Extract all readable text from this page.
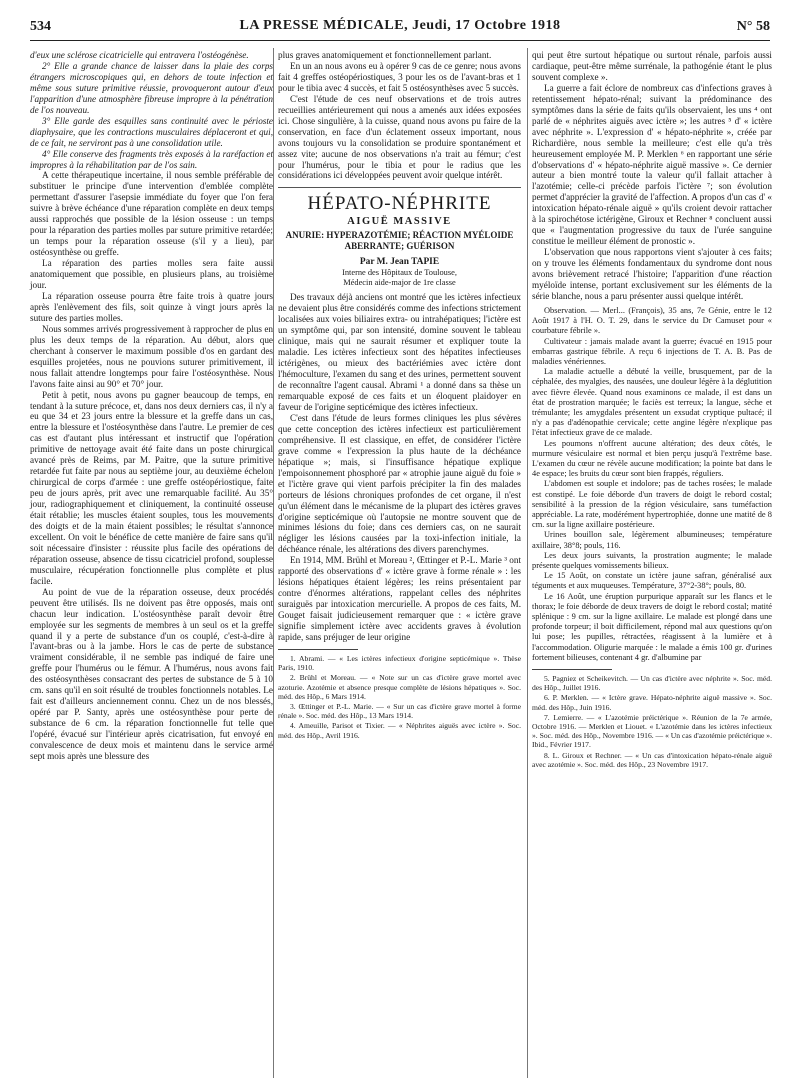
534	LA PRESSE MÉDICALE, Jeudi, 17 Octobre 1918	N° 58

d'eux une sclérose cicatricielle qui entravera l'ostéogénèse.

2° Elle a grande chance de laisser dans la plaie des corps étrangers microscopiques qui, en dehors de toute infection et même sous suture primitive réussie, provoqueront autour d'eux l'apparition d'une atmosphère fibreuse impropre à la pénétration de l'os nouveau.

3° Elle garde des esquilles sans continuité avec le périoste diaphysaire, que les contractions musculaires déplaceront et qui, de ce fait, ne serviront pas à une consolidation utile.

4° Elle conserve des fragments très exposés à la raréfaction et impropres à la réhabilitation par de l'os sain.

A cette thérapeutique incertaine, il nous semble préférable de substituer le principe d'une intervention d'emblée complète permettant d'assurer l'asepsie immédiate du foyer que l'on fera suivre à brève échéance d'une réparation complète en deux temps aussi rapprochés que possible de la lésion osseuse : un temps pour la réparation des parties molles par suture primitive retardée; un temps pour la réparation osseuse (s'il y a lieu), par ostéosynthèse ou greffe.

La réparation des parties molles sera faite aussi anatomiquement que possible, en plusieurs plans, au troisième jour.

La réparation osseuse pourra être faite trois à quatre jours après l'enlèvement des fils, soit quinze à vingt jours après la suture des parties molles.

Nous sommes arrivés progressivement à rapprocher de plus en plus les deux temps de la réparation. Au début, alors que cherchant à conserver le maximum possible d'os en gardant des esquilles projetées, nous ne pouvions suturer primitivement, il nous fallait attendre longtemps pour faire l'ostéosynthèse. Nous l'avons faite ainsi au 90° et 70° jour.

Petit à petit, nous avons pu gagner beaucoup de temps, en tendant à la suture précoce, et, dans nos deux derniers cas, il n'y a eu que 34 et 23 jours entre la blessure et la greffe dans un cas, entre la blessure et l'ostéosynthèse dans l'autre. Le premier de ces cas est d'autant plus intéressant et instructif que l'opération primitive de nettoyage avait été faite dans un poste chirurgical avancé près de Reims, par M. Paitre, que la suture primitive retardée fut faite par nous au septième jour, au deuxième échelon chirurgical de corps d'armée : une greffe ostéopériostique, faite peu de jours après, prit avec une remarquable facilité. Au 35° jour, radiographiquement et cliniquement, la continuité osseuse était rétablie; les muscles étaient souples, tous les mouvements des doigts et de la main étaient possibles; le résultat s'annonce excellent. On voit le bénéfice de cette manière de faire sans qu'il soit nécessaire d'insister : réussite plus facile des opérations de réparation osseuse, absence de tissu cicatriciel profond, souplesse musculaire, récupération fonctionnelle plus complète et plus facile.

Au point de vue de la réparation osseuse, deux procédés peuvent être utilisés. Ils ne doivent pas être opposés, mais ont chacun leur indication. L'ostéosynthèse paraît devoir être employée sur les segments de membres à un seul os et la greffe quand il y a perte de substance d'un os couplé, c'est-à-dire à l'avant-bras ou à la jambe. Hors le cas de perte de substance vraiment considérable, il ne semble pas indiqué de faire une greffe pour l'humérus ou le fémur. A l'humérus, nous avons fait des ostéosynthèses consacrant des pertes de substance de 5 à 10 cm. sans qu'il en soit résulté de troubles fonctionnels notables. Le fait est d'ailleurs anciennement connu. Chez un de nos blessés, opéré par P. Santy, après une ostéosynthèse pour perte de substance de 6 cm. la réparation fonctionnelle fut telle que l'opéré, évacué sur l'intérieur après cicatrisation, fut envoyé en convalescence de deux mois et maintenu dans le service armé sept mois après une blessure des

plus graves anatomiquement et fonctionnellement parlant.

En un an nous avons eu à opérer 9 cas de ce genre; nous avons fait 4 greffes ostéopériostiques, 3 pour les os de l'avant-bras et 1 pour le tibia avec 4 succès, et fait 5 ostéosynthèses avec 5 succès.

C'est l'étude de ces neuf observations et de trois autres recueillies antérieurement qui nous a amenés aux idées exposées ici. Chose singulière, à la cuisse, quand nous avons pu faire de la conservation, en face d'un éclatement osseux important, nous avons toujours vu la consolidation se produire spontanément et assez vite; aucune de nos observations n'a trait au fémur; c'est pour l'humérus, pour le tibia et pour le radius que les considérations ici développées peuvent avoir quelque intérêt.

HÉPATO-NÉPHRITE
AIGUË MASSIVE
ANURIE: HYPERAZOTÉMIE; RÉACTION MYÉLOIDE ABERRANTE; GUÉRISON
Par M. Jean TAPIE
Interne des Hôpitaux de Toulouse,
Médecin aide-major de 1re classe

Des travaux déjà anciens ont montré que les ictères infectieux ne devaient plus être considérés comme des infections strictement localisées aux voies biliaires extra- ou intrahépatiques; l'ictère est un symptôme qui, par son intensité, domine souvent le tableau clinique, mais qui ne saurait résumer et expliquer toute la maladie. Les ictères infectieux sont des hépatites infectieuses ictérigènes, ou mieux des bactériémies avec ictère dont l'hémoculture, l'examen du sang et des urines, permettent souvent de reconnaître l'agent causal. Abrami ¹ a donné dans sa thèse un remarquable exposé de ces faits et un éloquent plaidoyer en faveur de l'origine septicémique des ictères infectieux.

C'est dans l'étude de leurs formes cliniques les plus sévères que cette conception des ictères infectieux est particulièrement compréhensive. Il est classique, en effet, de considérer l'ictère grave comme « l'expression la plus haute de la déchéance hépatique »; mais, si l'insuffisance hépatique explique l'empoisonnement phosphoré par « atrophie jaune aiguë du foie » et l'ictère grave qui vient parfois précipiter la fin des malades porteurs de lésions chroniques profondes de cet organe, il n'est qu'un élément dans le mécanisme de la plupart des ictères graves d'origine septicémique où l'autopsie ne montre souvent que de minimes lésions du foie; dans ces derniers cas, on ne saurait négliger les lésions causées par la toxi-infection initiale, la déchéance rénale, les altérations des divers parenchymes.

En 1914, MM. Brühl et Moreau ², Œttinger et P.-L. Marie ³ ont rapporté des observations d' « ictère grave à forme rénale » : les lésions hépatiques étaient légères; les reins présentaient par contre d'énormes altérations, rappelant celles des néphrites suraiguës par intoxication mercurielle. A propos de ces faits, M. Gouget faisait judicieusement remarquer que : « ictère grave signifie simplement ictère avec accidents graves à évolution rapide, sans préjuger de leur origine

1. Abrami. — « Les ictères infectieux d'origine septicémique ». Thèse Paris, 1910.

2. Brühl et Moreau. — « Note sur un cas d'ictère grave mortel avec azoturie. Azotémie et absence presque complète de lésions hépatiques ». Soc. méd. des Hôp., 6 Mars 1914.

3. Œttinger et P.-L. Marie. — « Sur un cas d'ictère grave mortel à forme rénale ». Soc. méd. des Hôp., 13 Mars 1914.

4. Ameuille, Parisot et Tixier. — « Néphrites aiguës avec ictère ». Soc. méd. des Hôp., Avril 1916.

qui peut être surtout hépatique ou surtout rénale, parfois aussi cardiaque, peut-être même surrénale, la pathogénie étant le plus souvent complexe ».

La guerre a fait éclore de nombreux cas d'infections graves à retentissement hépato-rénal; suivant la prédominance des symptômes dans la série de faits qu'ils observaient, les uns ⁴ ont parlé de « néphrites aiguës avec ictère »; les autres ⁵ d' « ictère avec néphrite ». L'expression d' « hépato-néphrite », créée par Richardière, nous semble la meilleure; c'est elle qu'a très heureusement employée M. P. Merklen ⁶ en rapportant une série d'observations d' « hépato-néphrite aiguë massive ». Ce dernier auteur a bien montré toute la valeur qu'il fallait attacher à l'azotémie; celle-ci précède parfois l'ictère ⁷; son évolution permet d'apprécier la gravité de l'affection. A propos d'un cas d' « intoxication hépato-rénale aiguë » qu'ils croient devoir rattacher à la spirochétose ictérigène, Giroux et Rechner ⁸ concluent aussi que « l'augmentation progressive du taux de l'urée sanguine constitue le meilleur élément de pronostic ».

L'observation que nous rapportons vient s'ajouter à ces faits; on y trouve les éléments fondamentaux du syndrome dont nous avons brièvement retracé l'histoire; l'apparition d'une réaction myéloïde intense, portant exclusivement sur les éléments de la série blanche, nous a paru présenter aussi quelque intérêt.

Observation. — Merl... (François), 35 ans, 7e Génie, entre le 12 Août 1917 à l'H. O. T. 29, dans le service du Dr Camuset pour « courbature fébrile ».

Cultivateur : jamais malade avant la guerre; évacué en 1915 pour embarras gastrique fébrile. A reçu 6 injections de T. A. B. Pas de maladies vénériennes.

La maladie actuelle a débuté la veille, brusquement, par de la céphalée, des myalgies, des nausées, une douleur légère à la déglutition avec fièvre élevée. Quand nous examinons ce malade, il est dans un état de prostration marquée; le faciès est terreux; la langue, sèche et trémulante; les amygdales présentent un exsudat cryptique pultacé; il n'y a pas d'adénopathie cervicale; cette angine légère n'explique pas l'état infectieux grave de ce malade.

Les poumons n'offrent aucune altération; des deux côtés, le murmure vésiculaire est normal et bien perçu jusqu'à l'extrême base. L'examen du cœur ne révèle aucune modification; la pointe bat dans le 4e espace; les bruits du cœur sont bien frappés, réguliers.

L'abdomen est souple et indolore; pas de taches rosées; le malade est constipé. Le foie déborde d'un travers de doigt le rebord costal; sensibilité à la pression de la région vésiculaire, sans tuméfaction appréciable. La rate, modérément hypertrophiée, donne une matité de 8 cm. sur la ligne axillaire postérieure.

Urines bouillon sale, légèrement albumineuses; température axillaire, 38°8; pouls, 116.

Les deux jours suivants, la prostration augmente; le malade présente quelques vomissements bilieux.

Le 15 Août, on constate un ictère jaune safran, généralisé aux téguments et aux muqueuses. Température, 37°2-38°; pouls, 80.

Le 16 Août, une éruption purpurique apparaît sur les flancs et le thorax; le foie déborde de deux travers de doigt le rebord costal; matité splénique : 9 cm. sur la ligne axillaire. Le malade est plongé dans une profonde torpeur; il boit difficilement, répond mal aux questions qu'on lui pose; les pupilles, rétractées, réagissent à la lumière et à l'accommodation. Oligurie marquée : le malade a émis 100 gr. d'urines fortement bilieuses, contenant 4 gr. d'albumine par

5. Pagniez et Scheikevitch. — Un cas d'ictère avec néphrite ». Soc. méd. des Hôp., Juillet 1916.

6. P. Merklen. — « Ictère grave. Hépato-néphrite aiguë massive ». Soc. méd. des Hôp., Juin 1916.

7. Lemierre. — « L'azotémie préictérique ». Réunion de la 7e armée, Octobre 1916. — Merklen et Liouet. « L'azotémie dans les ictères infectieux ». Soc. méd. des Hôp., Novembre 1916. — « Un cas d'azotémie préictérique ». Ibid., Février 1917.

8. L. Giroux et Rechner. — « Un cas d'intoxication hépato-rénale aiguë avec azotémie ». Soc. méd. des Hôp., 23 Novembre 1917.
